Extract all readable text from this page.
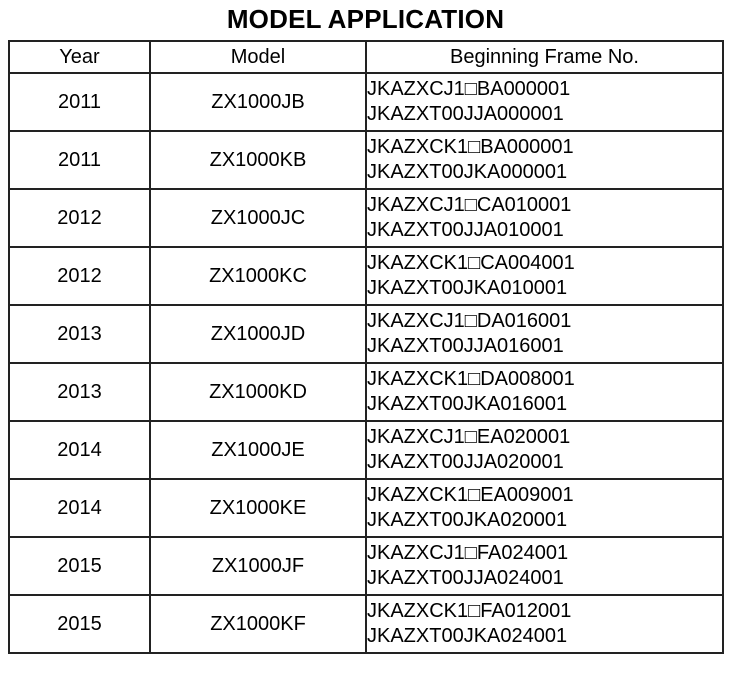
MODEL APPLICATION
Year	Model	Beginning Frame No.
2011	ZX1000JB	JKAZXCJ1□BA000001
JKAZXT00JJA000001

2011	ZX1000KB	JKAZXCK1□BA000001
JKAZXT00JKA000001

2012	ZX1000JC	JKAZXCJ1□CA010001
JKAZXT00JJA010001

2012	ZX1000KC	JKAZXCK1□CA004001
JKAZXT00JKA010001

2013	ZX1000JD	JKAZXCJ1□DA016001
JKAZXT00JJA016001

2013	ZX1000KD	JKAZXCK1□DA008001
JKAZXT00JKA016001

2014	ZX1000JE	JKAZXCJ1□EA020001
JKAZXT00JJA020001

2014	ZX1000KE	JKAZXCK1□EA009001
JKAZXT00JKA020001

2015	ZX1000JF	JKAZXCJ1□FA024001
JKAZXT00JJA024001

2015	ZX1000KF	JKAZXCK1□FA012001
JKAZXT00JKA024001
